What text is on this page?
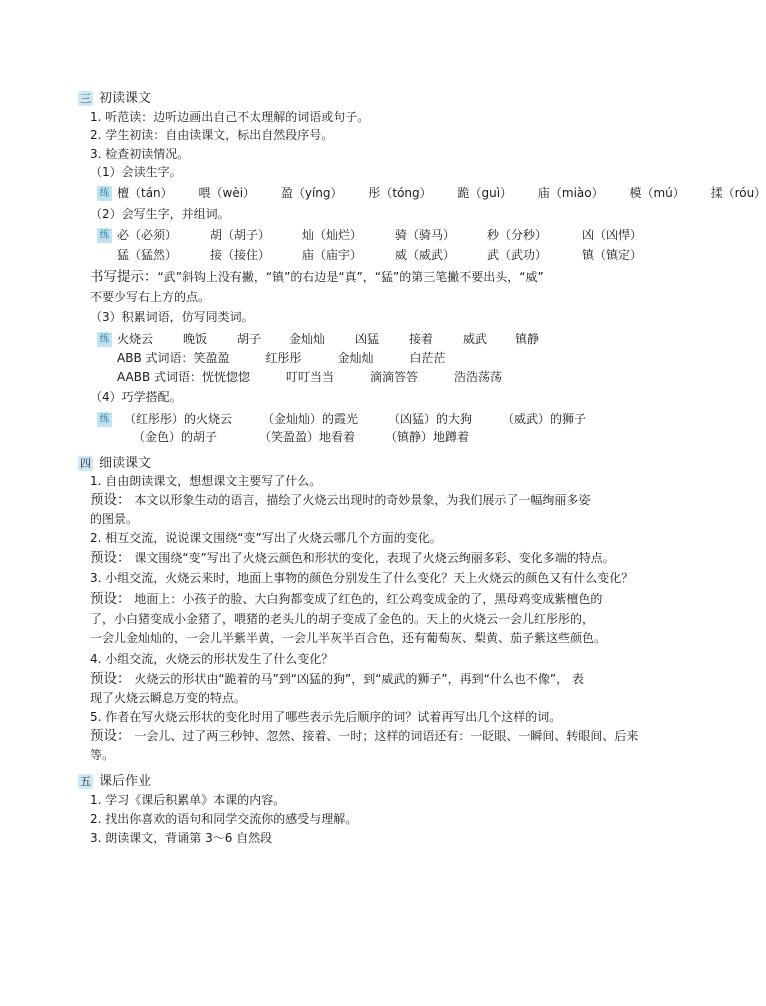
三 初读课文
1. 听范读：边听边画出自己不太理解的词语或句子。
2. 学生初读：自由读课文，标出自然段序号。
3. 检查初读情况。
（1）会读生字。
练 檀（tán） 喂（wèi） 盈（yíng） 彤（tóng） 跪（guì） 庙（miào） 模（mú） 揉（róu）
（2）会写生字，并组词。
练 必（必须）	胡（胡子）	灿（灿烂）	骑（骑马）	秒（分秒）	凶（凶悍）
猛（猛然）	接（接住）	庙（庙宇）	威（威武）	武（武功）	镇（镇定）
书写提示：“武”斜钩上没有撇，“镇”的右边是“真”，“猛”的第三笔撇不要出头，“威”
不要少写右上方的点。
（3）积累词语，仿写同类词。
练 火烧云 晚饭 胡子 金灿灿 凶猛 接着 威武 镇静
ABB 式词语：笑盈盈　　　红彤彤　　　金灿灿　　　白茫茫
AABB 式词语：恍恍惚惚　　　叮叮当当　　　滴滴答答　　　浩浩荡荡
（4）巧学搭配。
练 （红彤彤）的火烧云　　　（金灿灿）的霞光　　　（凶猛）的大狗　　　（威武）的狮子
（金色）的胡子　　　　（笑盈盈）地看着　　　（镇静）地蹲着
四 细读课文
1. 自由朗读课文，想想课文主要写了什么。
预设： 本文以形象生动的语言，描绘了火烧云出现时的奇妙景象，为我们展示了一幅绚丽多姿
的图景。
2. 相互交流，说说课文围绕“变”写出了火烧云哪几个方面的变化。
预设： 课文围绕“变”写出了火烧云颜色和形状的变化，表现了火烧云绚丽多彩、变化多端的特点。
3. 小组交流，火烧云来时，地面上事物的颜色分别发生了什么变化？天上火烧云的颜色又有什么变化？
预设： 地面上：小孩子的脸、大白狗都变成了红色的，红公鸡变成金的了，黑母鸡变成紫檀色的
了，小白猪变成小金猪了，喂猪的老头儿的胡子变成了金色的。天上的火烧云一会儿红彤彤的，
一会儿金灿灿的，一会儿半紫半黄，一会儿半灰半百合色，还有葡萄灰、梨黄、茄子紫这些颜色。
4. 小组交流，火烧云的形状发生了什么变化？
预设： 火烧云的形状由“跪着的马”到“凶猛的狗”，到“威武的狮子”，再到“什么也不像”， 表
现了火烧云瞬息万变的特点。
5. 作者在写火烧云形状的变化时用了哪些表示先后顺序的词？试着再写出几个这样的词。
预设： 一会儿、过了两三秒钟、忽然、接着、一时；这样的词语还有：一眨眼、一瞬间、转眼间、后来
等。
五 课后作业
1. 学习《课后积累单》本课的内容。
2. 找出你喜欢的语句和同学交流你的感受与理解。
3. 朗读课文，背诵第 3～6 自然段
